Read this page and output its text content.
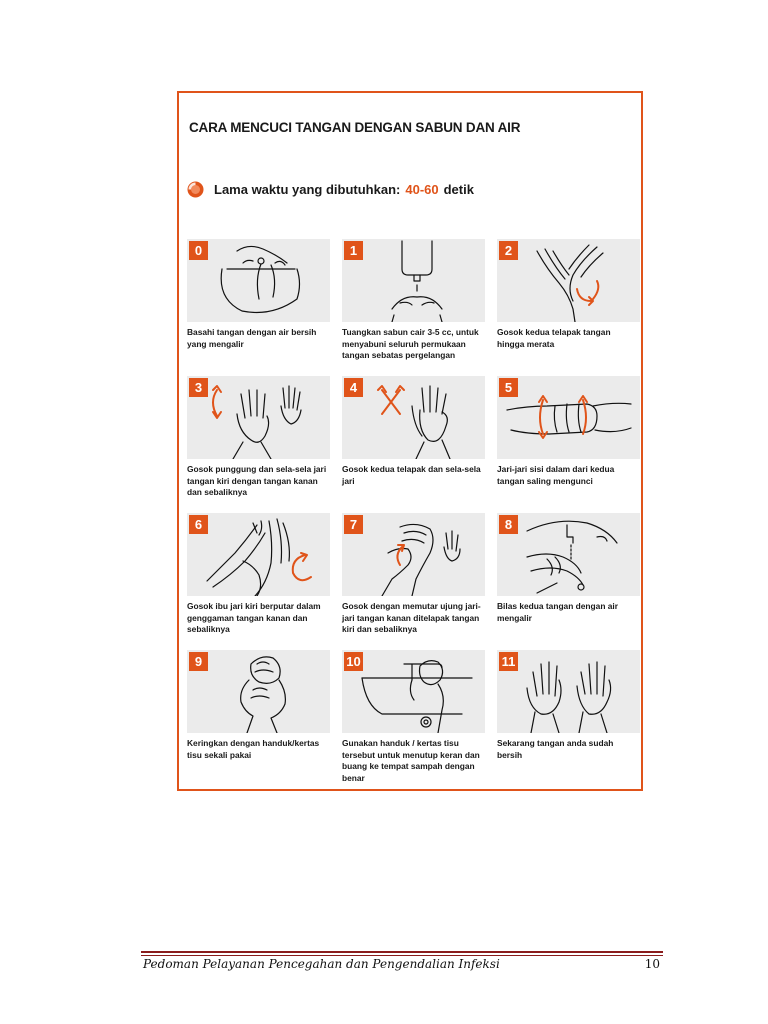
CARA MENCUCI TANGAN DENGAN SABUN DAN AIR
Lama waktu yang dibutuhkan: 40-60 detik
0

Basahi tangan dengan air bersih yang mengalir

1

Tuangkan sabun cair 3-5 cc, untuk menyabuni seluruh permukaan tangan sebatas pergelangan

2

Gosok kedua telapak tangan hingga merata

3

Gosok punggung dan sela-sela jari tangan kiri dengan tangan kanan dan sebaliknya

4

Gosok kedua telapak dan sela-sela jari

5

Jari-jari sisi dalam dari kedua tangan saling mengunci

6

Gosok ibu jari kiri berputar dalam genggaman tangan kanan dan sebaliknya

7

Gosok dengan memutar ujung jari-jari tangan kanan ditelapak tangan kiri dan sebaliknya

8

Bilas kedua tangan dengan air mengalir

9

Keringkan dengan handuk/kertas tisu sekali pakai

10

Gunakan handuk / kertas tisu tersebut untuk menutup keran dan buang ke tempat sampah dengan benar

11

Sekarang tangan anda sudah bersih

Pedoman Pelayanan Pencegahan dan Pengendalian Infeksi	10
